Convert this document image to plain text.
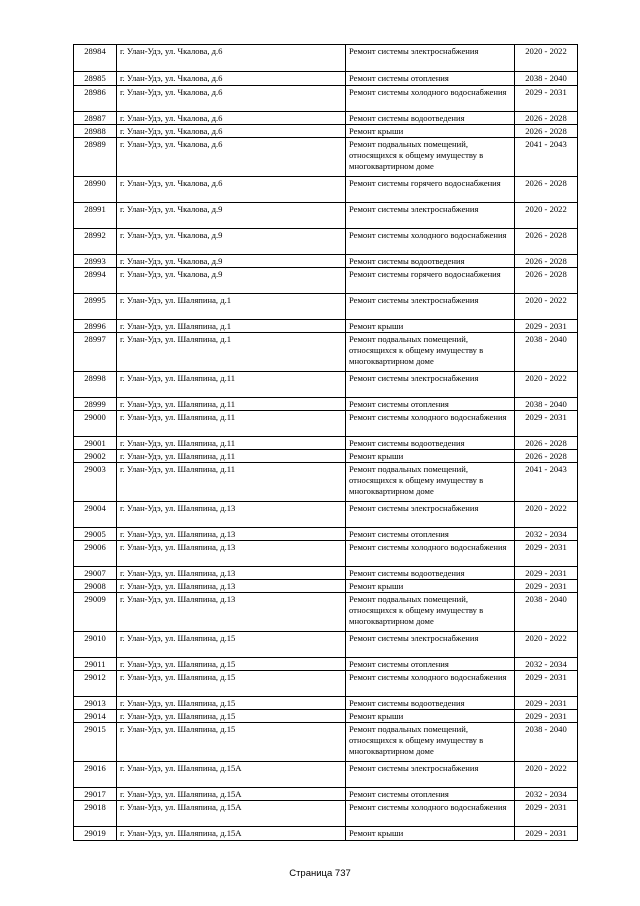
28984	г. Улан-Удэ, ул. Чкалова, д.6	Ремонт системы электроснабжения	2020 - 2022
28985	г. Улан-Удэ, ул. Чкалова, д.6	Ремонт системы отопления	2038 - 2040
28986	г. Улан-Удэ, ул. Чкалова, д.6	Ремонт системы холодного водоснабжения	2029 - 2031
28987	г. Улан-Удэ, ул. Чкалова, д.6	Ремонт системы водоотведения	2026 - 2028
28988	г. Улан-Удэ, ул. Чкалова, д.6	Ремонт крыши	2026 - 2028
28989	г. Улан-Удэ, ул. Чкалова, д.6	Ремонт подвальных помещений, относящихся к общему имуществу в многоквартирном доме	2041 - 2043
28990	г. Улан-Удэ, ул. Чкалова, д.6	Ремонт системы горячего водоснабжения	2026 - 2028
28991	г. Улан-Удэ, ул. Чкалова, д.9	Ремонт системы электроснабжения	2020 - 2022
28992	г. Улан-Удэ, ул. Чкалова, д.9	Ремонт системы холодного водоснабжения	2026 - 2028
28993	г. Улан-Удэ, ул. Чкалова, д.9	Ремонт системы водоотведения	2026 - 2028
28994	г. Улан-Удэ, ул. Чкалова, д.9	Ремонт системы горячего водоснабжения	2026 - 2028
28995	г. Улан-Удэ, ул. Шаляпина, д.1	Ремонт системы электроснабжения	2020 - 2022
28996	г. Улан-Удэ, ул. Шаляпина, д.1	Ремонт крыши	2029 - 2031
28997	г. Улан-Удэ, ул. Шаляпина, д.1	Ремонт подвальных помещений, относящихся к общему имуществу в многоквартирном доме	2038 - 2040
28998	г. Улан-Удэ, ул. Шаляпина, д.11	Ремонт системы электроснабжения	2020 - 2022
28999	г. Улан-Удэ, ул. Шаляпина, д.11	Ремонт системы отопления	2038 - 2040
29000	г. Улан-Удэ, ул. Шаляпина, д.11	Ремонт системы холодного водоснабжения	2029 - 2031
29001	г. Улан-Удэ, ул. Шаляпина, д.11	Ремонт системы водоотведения	2026 - 2028
29002	г. Улан-Удэ, ул. Шаляпина, д.11	Ремонт крыши	2026 - 2028
29003	г. Улан-Удэ, ул. Шаляпина, д.11	Ремонт подвальных помещений, относящихся к общему имуществу в многоквартирном доме	2041 - 2043
29004	г. Улан-Удэ, ул. Шаляпина, д.13	Ремонт системы электроснабжения	2020 - 2022
29005	г. Улан-Удэ, ул. Шаляпина, д.13	Ремонт системы отопления	2032 - 2034
29006	г. Улан-Удэ, ул. Шаляпина, д.13	Ремонт системы холодного водоснабжения	2029 - 2031
29007	г. Улан-Удэ, ул. Шаляпина, д.13	Ремонт системы водоотведения	2029 - 2031
29008	г. Улан-Удэ, ул. Шаляпина, д.13	Ремонт крыши	2029 - 2031
29009	г. Улан-Удэ, ул. Шаляпина, д.13	Ремонт подвальных помещений, относящихся к общему имуществу в многоквартирном доме	2038 - 2040
29010	г. Улан-Удэ, ул. Шаляпина, д.15	Ремонт системы электроснабжения	2020 - 2022
29011	г. Улан-Удэ, ул. Шаляпина, д.15	Ремонт системы отопления	2032 - 2034
29012	г. Улан-Удэ, ул. Шаляпина, д.15	Ремонт системы холодного водоснабжения	2029 - 2031
29013	г. Улан-Удэ, ул. Шаляпина, д.15	Ремонт системы водоотведения	2029 - 2031
29014	г. Улан-Удэ, ул. Шаляпина, д.15	Ремонт крыши	2029 - 2031
29015	г. Улан-Удэ, ул. Шаляпина, д.15	Ремонт подвальных помещений, относящихся к общему имуществу в многоквартирном доме	2038 - 2040
29016	г. Улан-Удэ, ул. Шаляпина, д.15А	Ремонт системы электроснабжения	2020 - 2022
29017	г. Улан-Удэ, ул. Шаляпина, д.15А	Ремонт системы отопления	2032 - 2034
29018	г. Улан-Удэ, ул. Шаляпина, д.15А	Ремонт системы холодного водоснабжения	2029 - 2031
29019	г. Улан-Удэ, ул. Шаляпина, д.15А	Ремонт крыши	2029 - 2031
Страница 737
